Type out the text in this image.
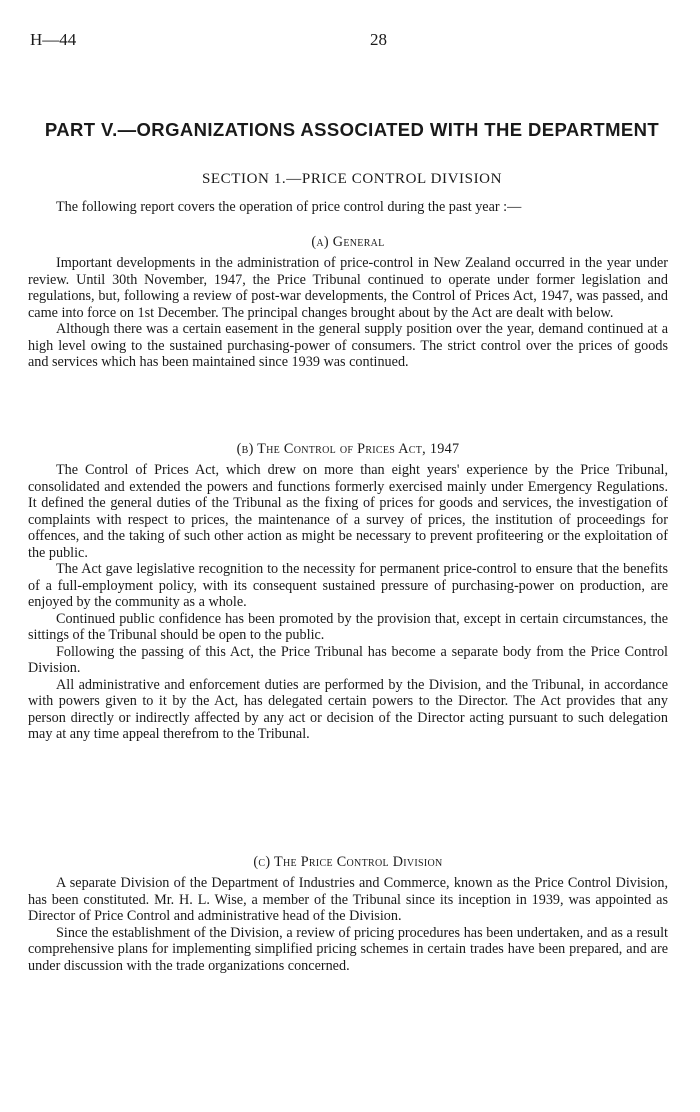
H—44	28
PART V.—ORGANIZATIONS ASSOCIATED WITH THE DEPARTMENT
SECTION 1.—PRICE CONTROL DIVISION

The following report covers the operation of price control during the past year :—

(a) General

Important developments in the administration of price-control in New Zealand occurred in the year under review. Until 30th November, 1947, the Price Tribunal continued to operate under former legislation and regulations, but, following a review of post-war developments, the Control of Prices Act, 1947, was passed, and came into force on 1st December. The principal changes brought about by the Act are dealt with below.

Although there was a certain easement in the general supply position over the year, demand continued at a high level owing to the sustained purchasing-power of consumers. The strict control over the prices of goods and services which has been maintained since 1939 was continued.

(b) The Control of Prices Act, 1947

The Control of Prices Act, which drew on more than eight years' experience by the Price Tribunal, consolidated and extended the powers and functions formerly exercised mainly under Emergency Regulations. It defined the general duties of the Tribunal as the fixing of prices for goods and services, the investigation of complaints with respect to prices, the maintenance of a survey of prices, the institution of proceedings for offences, and the taking of such other action as might be necessary to prevent profiteering or the exploitation of the public.

The Act gave legislative recognition to the necessity for permanent price-control to ensure that the benefits of a full-employment policy, with its consequent sustained pressure of purchasing-power on production, are enjoyed by the community as a whole.

Continued public confidence has been promoted by the provision that, except in certain circumstances, the sittings of the Tribunal should be open to the public.

Following the passing of this Act, the Price Tribunal has become a separate body from the Price Control Division.

All administrative and enforcement duties are performed by the Division, and the Tribunal, in accordance with powers given to it by the Act, has delegated certain powers to the Director. The Act provides that any person directly or indirectly affected by any act or decision of the Director acting pursuant to such delegation may at any time appeal therefrom to the Tribunal.

(c) The Price Control Division

A separate Division of the Department of Industries and Commerce, known as the Price Control Division, has been constituted. Mr. H. L. Wise, a member of the Tribunal since its inception in 1939, was appointed as Director of Price Control and administrative head of the Division.

Since the establishment of the Division, a review of pricing procedures has been undertaken, and as a result comprehensive plans for implementing simplified pricing schemes in certain trades have been prepared, and are under discussion with the trade organizations concerned.
